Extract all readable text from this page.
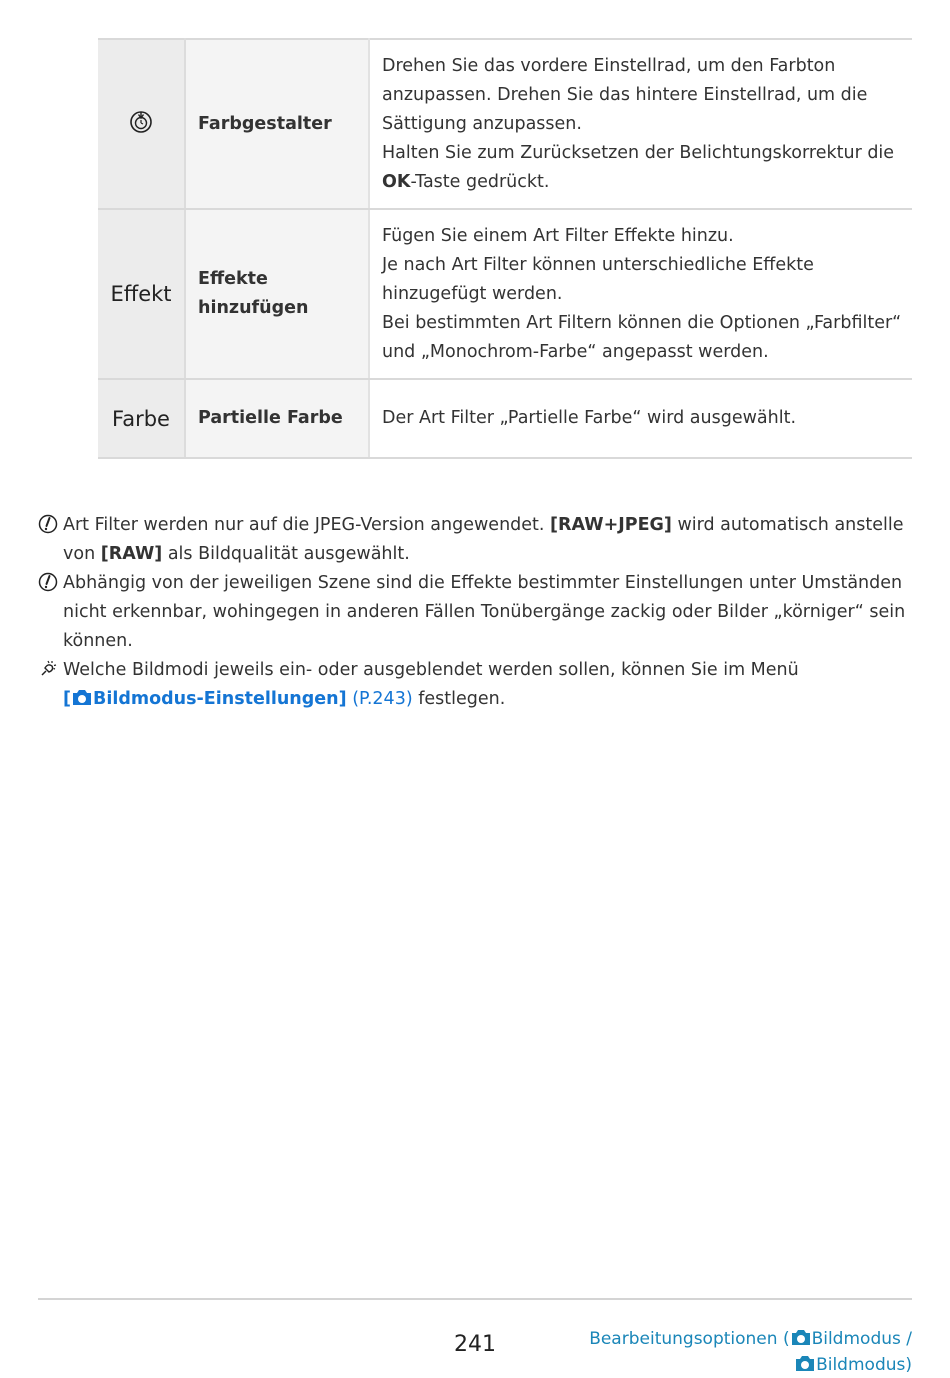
	Farbgestalter	Drehen Sie das vordere Einstellrad, um den Farbton anzupassen. Drehen Sie das hintere Einstellrad, um die Sättigung anzupassen.
Halten Sie zum Zurücksetzen der Belichtungskorrektur die OK-Taste gedrückt.
Effekt	Effekte hinzufügen	Fügen Sie einem Art Filter Effekte hinzu.
Je nach Art Filter können unterschiedliche Effekte hinzugefügt werden.
Bei bestimmten Art Filtern können die Optionen „Farbfilter“ und „Monochrom-Farbe“ angepasst werden.
Farbe	Partielle Farbe	Der Art Filter „Partielle Farbe“ wird ausgewählt.
Art Filter werden nur auf die JPEG-Version angewendet. [RAW+JPEG] wird automatisch anstelle von [RAW] als Bildqualität ausgewählt.
Abhängig von der jeweiligen Szene sind die Effekte bestimmter Einstellungen unter Umständen nicht erkennbar, wohingegen in anderen Fällen Tonübergänge zackig oder Bilder „körniger“ sein können.
Welche Bildmodi jeweils ein- oder ausgeblendet werden sollen, können Sie im Menü
[ Bildmodus-Einstellungen] (P.243) festlegen.
241	Bearbeitungsoptionen ( Bildmodus /
Bildmodus)
